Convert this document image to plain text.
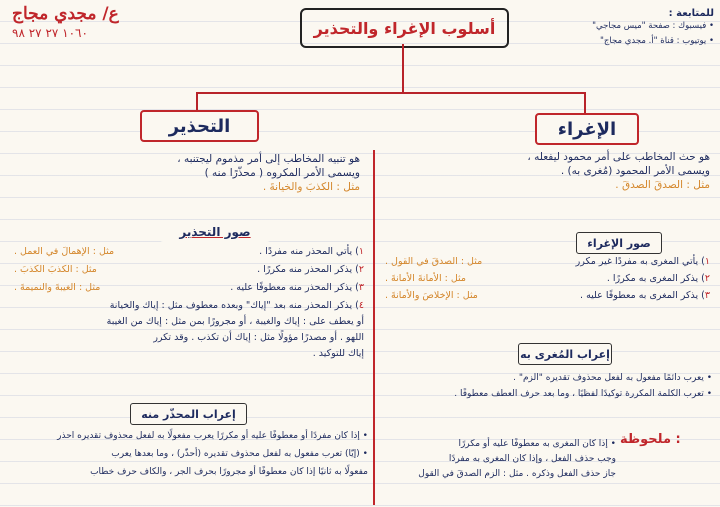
للمتابعة :
• فيسبوك : صفحة "ميس مجاجي"
• يوتيوب : قناة "أ. مجدي مجاج"
ع/ مجدي مجاج
١٠٦٠ ٢٧ ٢٧ ٩٨	أسلوب الإغراء والتحذير
التحذير	الإغراء
هو حث المخاطب على أمر محمود ليفعله ،
ويسمى الأمر المحمود (مُغرى به) .
مثل : الصدقَ الصدقَ .
صور الإغراء
١) يأتي المغرى به مفردًا غير مكرر
مثل : الصدقَ في القول .
٢) يذكر المغرى به مكررًا .
مثل : الأمانةَ الأمانةَ .
٣) يذكر المغرى به معطوفًا عليه .
مثل : الإخلاصَ والأمانةَ .
إعراب المُغرى به
• يعرب دائمًا مفعول به لفعل محذوف تقديره "الزم" .
• تعرب الكلمة المكررة توكيدًا لفظيًا ، وما بعد حرف العطف معطوفًا .
ملحوظة :
• إذا كان المغرى به معطوفًا عليه أو مكررًا
وجب حذف الفعل ، وإذا كان المغرى به مفردًا
جاز حذف الفعل وذكره . مثل : الزم الصدقَ في القول
هو تنبيه المخاطب إلى أمر مذموم ليجتنبه ،
ويسمى الأمر المكروه ( محذّرًا منه )
مثل : الكذبَ والخيانةَ .
صور التحذير
١) يأتي المحذر منه مفردًا .
مثل : الإهمالَ في العمل .
٢) يذكر المحذر منه مكررًا .
مثل : الكذبَ الكذبَ .
٣) يذكر المحذر منه معطوفًا عليه .
مثل : الغيبةَ والنميمةَ .
٤) يذكر المحذر منه بعد "إياك" وبعده معطوف مثل : إياك والخيانة
أو يعطف على : إياك والغيبة ، أو مجرورًا بمن مثل : إياك من الغيبة
اللهو . أو مصدرًا مؤولًا مثل : إياك أن تكذب . وقد تكرر
إياك للتوكيد .
إعراب المحذّر منه
• إذا كان مفردًا أو معطوفًا عليه أو مكررًا يعرب مفعولًا به لفعل محذوف تقديره احذر
• (إيّا) تعرب مفعول به لفعل محذوف تقديره (أحذّر) ، وما بعدها يعرب
مفعولًا به ثانيًا إذا كان معطوفًا أو مجرورًا بحرف الجر ، والكاف حرف خطاب
